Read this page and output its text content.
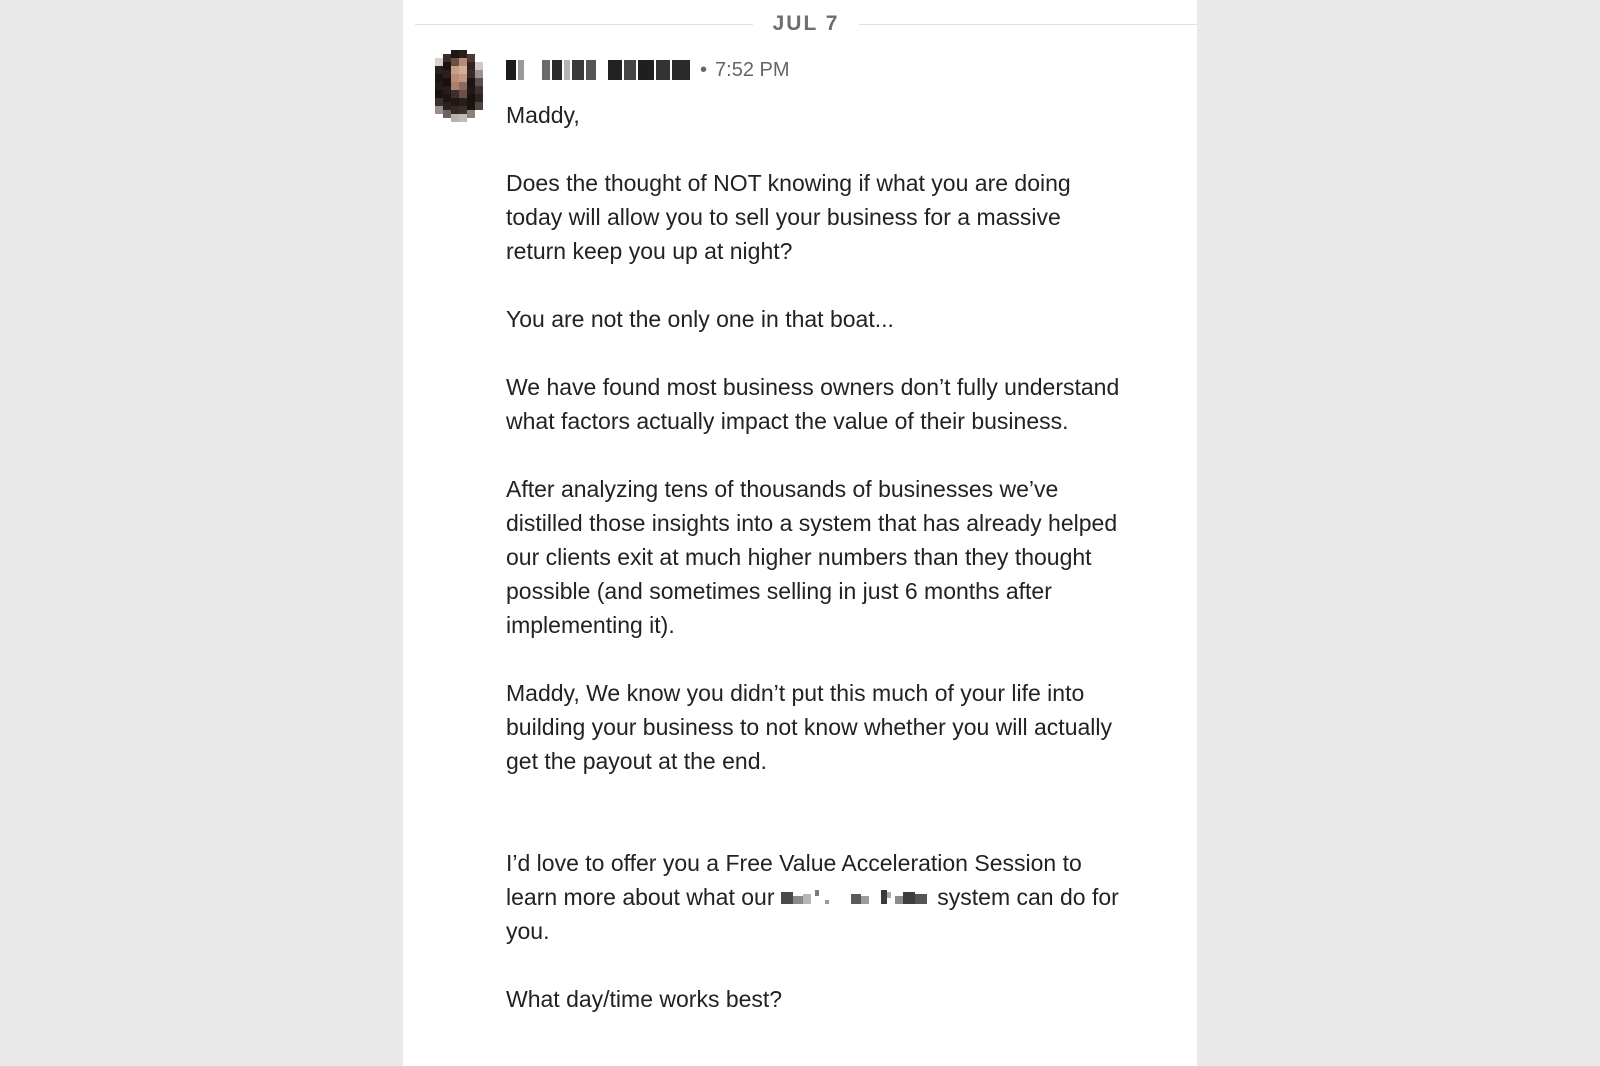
JUL 7
• 7:52 PM

Maddy,

Does the thought of NOT knowing if what you are doing today will allow you to sell your business for a massive return keep you up at night?

You are not the only one in that boat...

We have found most business owners don’t fully understand what factors actually impact the value of their business.

After analyzing tens of thousands of businesses we’ve distilled those insights into a system that has already helped our clients exit at much higher numbers than they thought possible (and sometimes selling in just 6 months after implementing it).

Maddy, We know you didn’t put this much of your life into building your business to not know whether you will actually get the payout at the end.

I’d love to offer you a Free Value Acceleration Session to learn more about what our	system can do for you.

What day/time works best?
